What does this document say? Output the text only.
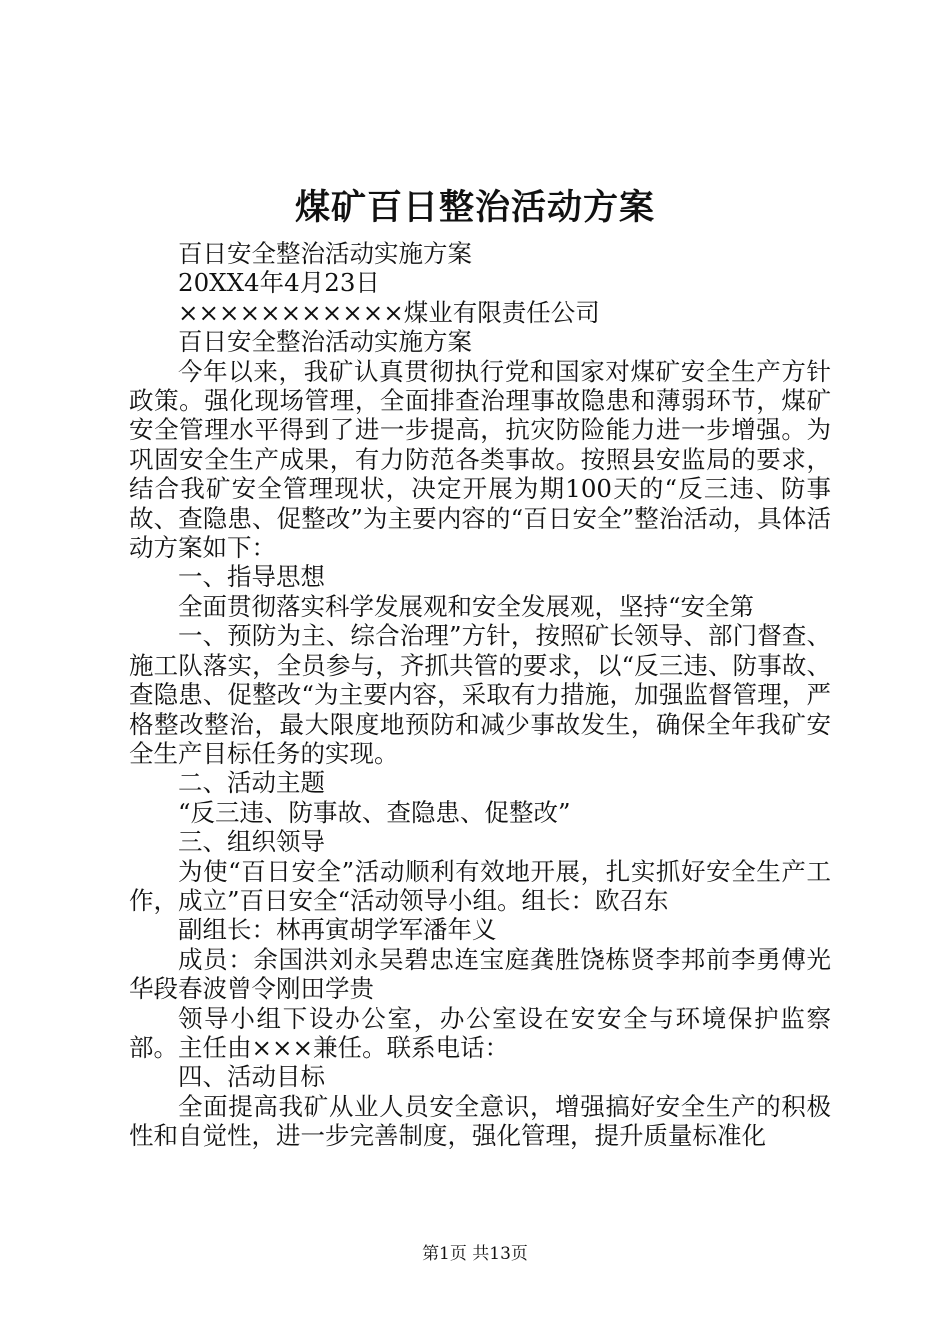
煤矿百日整治活动方案

百日安全整治活动实施方案

20XX4年4月23日

×××××××××××煤业有限责任公司

百日安全整治活动实施方案

今年以来，我矿认真贯彻执行党和国家对煤矿安全生产方针政策。强化现场管理，全面排查治理事故隐患和薄弱环节，煤矿安全管理水平得到了进一步提高，抗灾防险能力进一步增强。为巩固安全生产成果，有力防范各类事故。按照县安监局的要求，结合我矿安全管理现状，决定开展为期100天的“反三违、防事故、查隐患、促整改”为主要内容的“百日安全”整治活动，具体活动方案如下：

一、指导思想

全面贯彻落实科学发展观和安全发展观，坚持“安全第

一、预防为主、综合治理”方针，按照矿长领导、部门督查、施工队落实，全员参与，齐抓共管的要求，以“反三违、防事故、查隐患、促整改“为主要内容，采取有力措施，加强监督管理，严格整改整治，最大限度地预防和减少事故发生，确保全年我矿安全生产目标任务的实现。

二、活动主题

“反三违、防事故、查隐患、促整改”

三、组织领导

为使“百日安全”活动顺利有效地开展，扎实抓好安全生产工作，成立”百日安全“活动领导小组。组长：欧召东

副组长：林再寅胡学军潘年义

成员：余国洪刘永吴碧忠连宝庭龚胜饶栋贤李邦前李勇傅光华段春波曾令刚田学贵

领导小组下设办公室，办公室设在安安全与环境保护监察部。主任由×××兼任。联系电话：

四、活动目标

全面提高我矿从业人员安全意识，增强搞好安全生产的积极性和自觉性，进一步完善制度，强化管理，提升质量标准化

第1页 共13页
